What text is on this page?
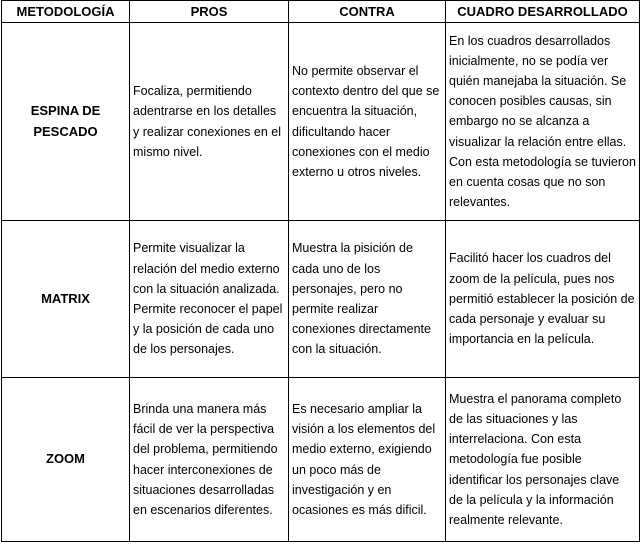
METODOLOGÍA	PROS	CONTRA	CUADRO DESARROLLADO

ESPINA DE PESCADO	Focaliza, permitiendo adentrarse en los detalles y realizar conexiones en el mismo nivel.	No permite observar el contexto dentro del que se encuentra la situación, dificultando hacer conexiones con el medio externo u otros niveles.	En los cuadros desarrollados inicialmente, no se podía ver quién manejaba la situación. Se conocen posibles causas, sin embargo no se alcanza a visualizar la relación entre ellas. Con esta metodología se tuvieron en cuenta cosas que no son relevantes.

MATRIX	Permite visualizar la relación del medio externo con la situación analizada. Permite reconocer el papel y la posición de cada uno de los personajes.	Muestra la pisición de cada uno de los personajes, pero no permite realizar conexiones directamente con la situación.	Facilitó hacer los cuadros del zoom de la película, pues nos permitió establecer la posición de cada personaje y evaluar su importancia en la película.

ZOOM	Brinda una manera más fácil de ver la perspectiva del problema, permitiendo hacer interconexiones de situaciones desarrolladas en escenarios diferentes.	Es necesario ampliar la visión a los elementos del medio externo, exigiendo un poco más de investigación y en ocasiones es más dificil.	Muestra el panorama completo de las situaciones y las interrelaciona. Con esta metodología fue posible identificar los personajes clave de la película y la información realmente relevante.
